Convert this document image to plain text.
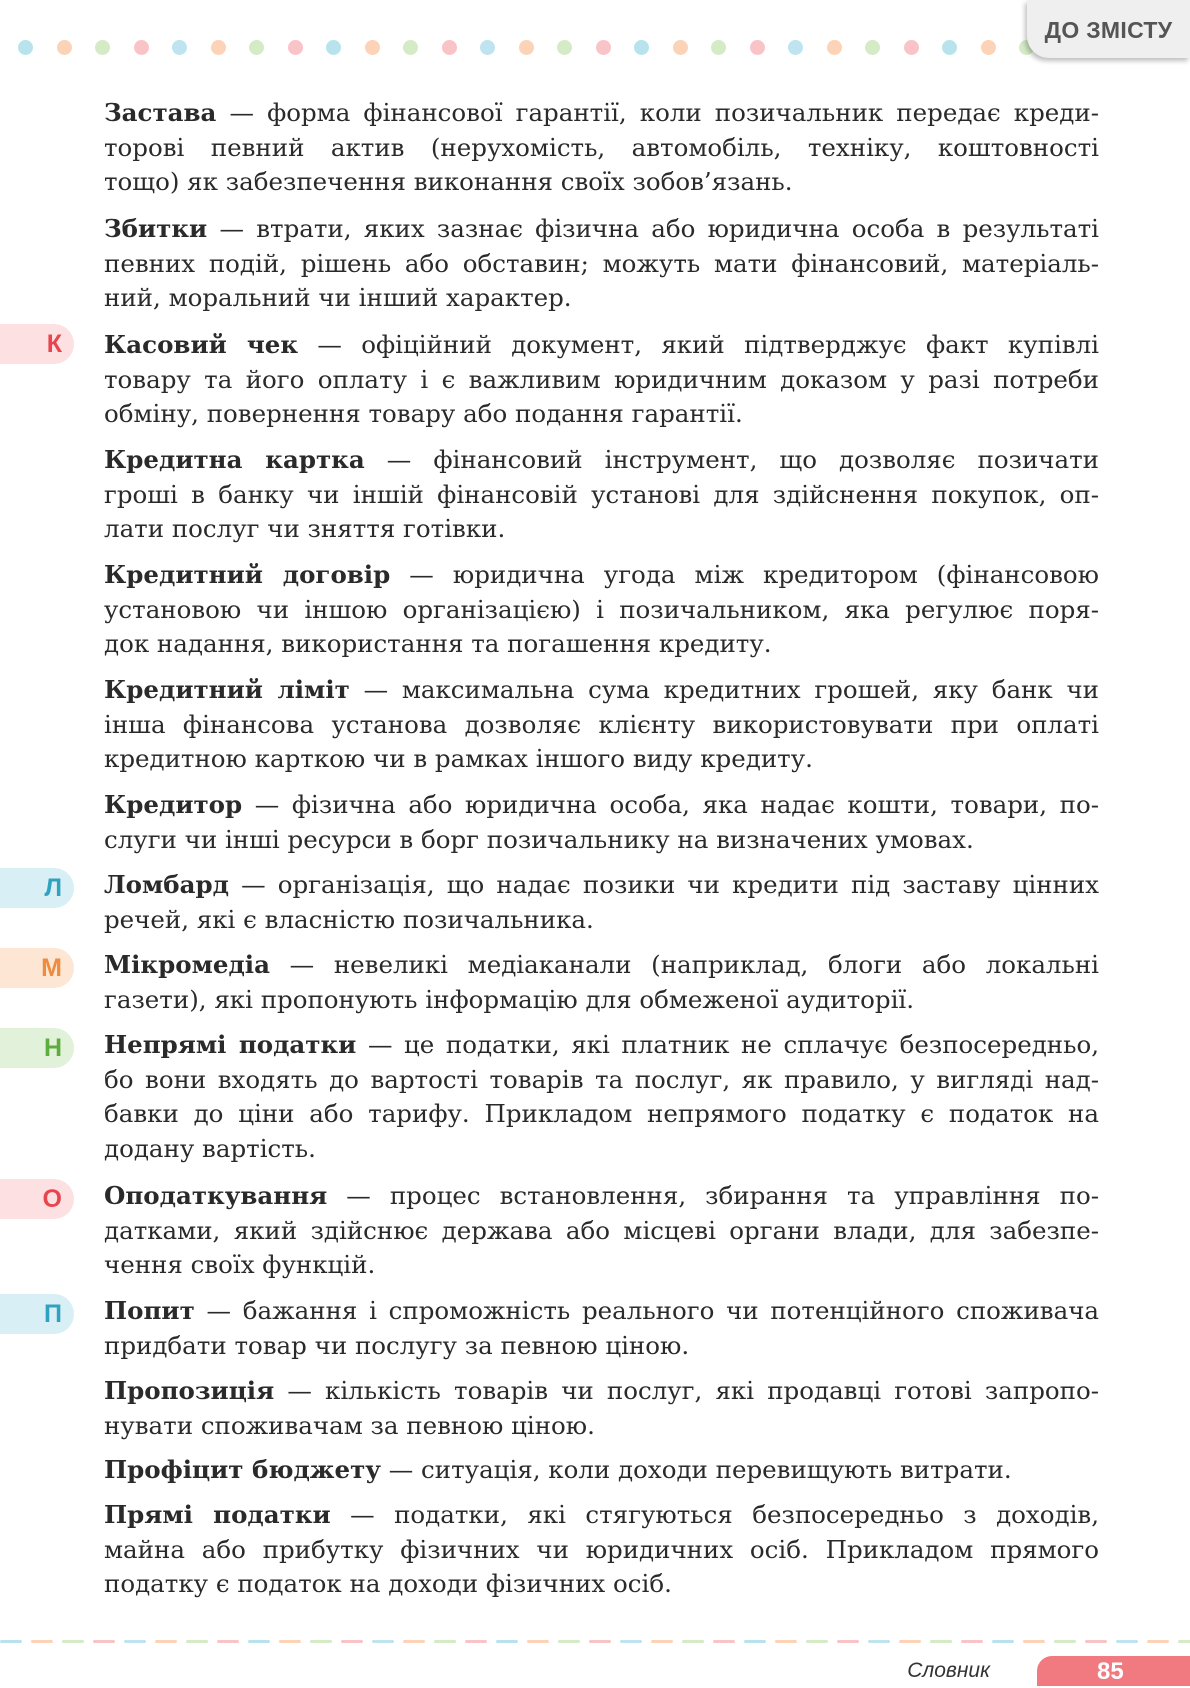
ДО ЗМІСТУ
Застава — форма фінансової гарантії, коли позичальник передає креди-
торові певний актив (нерухомість, автомобіль, техніку, коштовності
тощо) як забезпечення виконання своїх зобов’язань.
Збитки — втрати, яких зазнає фізична або юридична особа в результаті
певних подій, рішень або обставин; можуть мати фінансовий, матеріаль-
ний, моральний чи інший характер.
Касовий чек — офіційний документ, який підтверджує факт купівлі
товару та його оплату і є важливим юридичним доказом у разі потреби
обміну, повернення товару або подання гарантії.
Кредитна картка — фінансовий інструмент, що дозволяє позичати
гроші в банку чи іншій фінансовій установі для здійснення покупок, оп-
лати послуг чи зняття готівки.
Кредитний договір — юридична угода між кредитором (фінансовою
установою чи іншою організацією) і позичальником, яка регулює поря-
док надання, використання та погашення кредиту.
Кредитний ліміт — максимальна сума кредитних грошей, яку банк чи
інша фінансова установа дозволяє клієнту використовувати при оплаті
кредитною карткою чи в рамках іншого виду кредиту.
Кредитор — фізична або юридична особа, яка надає кошти, товари, по-
слуги чи інші ресурси в борг позичальнику на визначених умовах.
Ломбард — організація, що надає позики чи кредити під заставу цінних
речей, які є власністю позичальника.
Мікромедіа — невеликі медіаканали (наприклад, блоги або локальні
газети), які пропонують інформацію для обмеженої аудиторії.
Непрямі податки — це податки, які платник не сплачує безпосередньо,
бо вони входять до вартості товарів та послуг, як правило, у вигляді над-
бавки до ціни або тарифу. Прикладом непрямого податку є податок на
додану вартість.
Оподаткування — процес встановлення, збирання та управління по-
датками, який здійснює держава або місцеві органи влади, для забезпе-
чення своїх функцій.
Попит — бажання і спроможність реального чи потенційного споживача
придбати товар чи послугу за певною ціною.
Пропозиція — кількість товарів чи послуг, які продавці готові запропо-
нувати споживачам за певною ціною.
Профіцит бюджету — ситуація, коли доходи перевищують витрати.
Прямі податки — податки, які стягуються безпосередньо з доходів,
майна або прибутку фізичних чи юридичних осіб. Прикладом прямого
податку є податок на доходи фізичних осіб.
К
Л
М
Н
О
П
Словник	85
